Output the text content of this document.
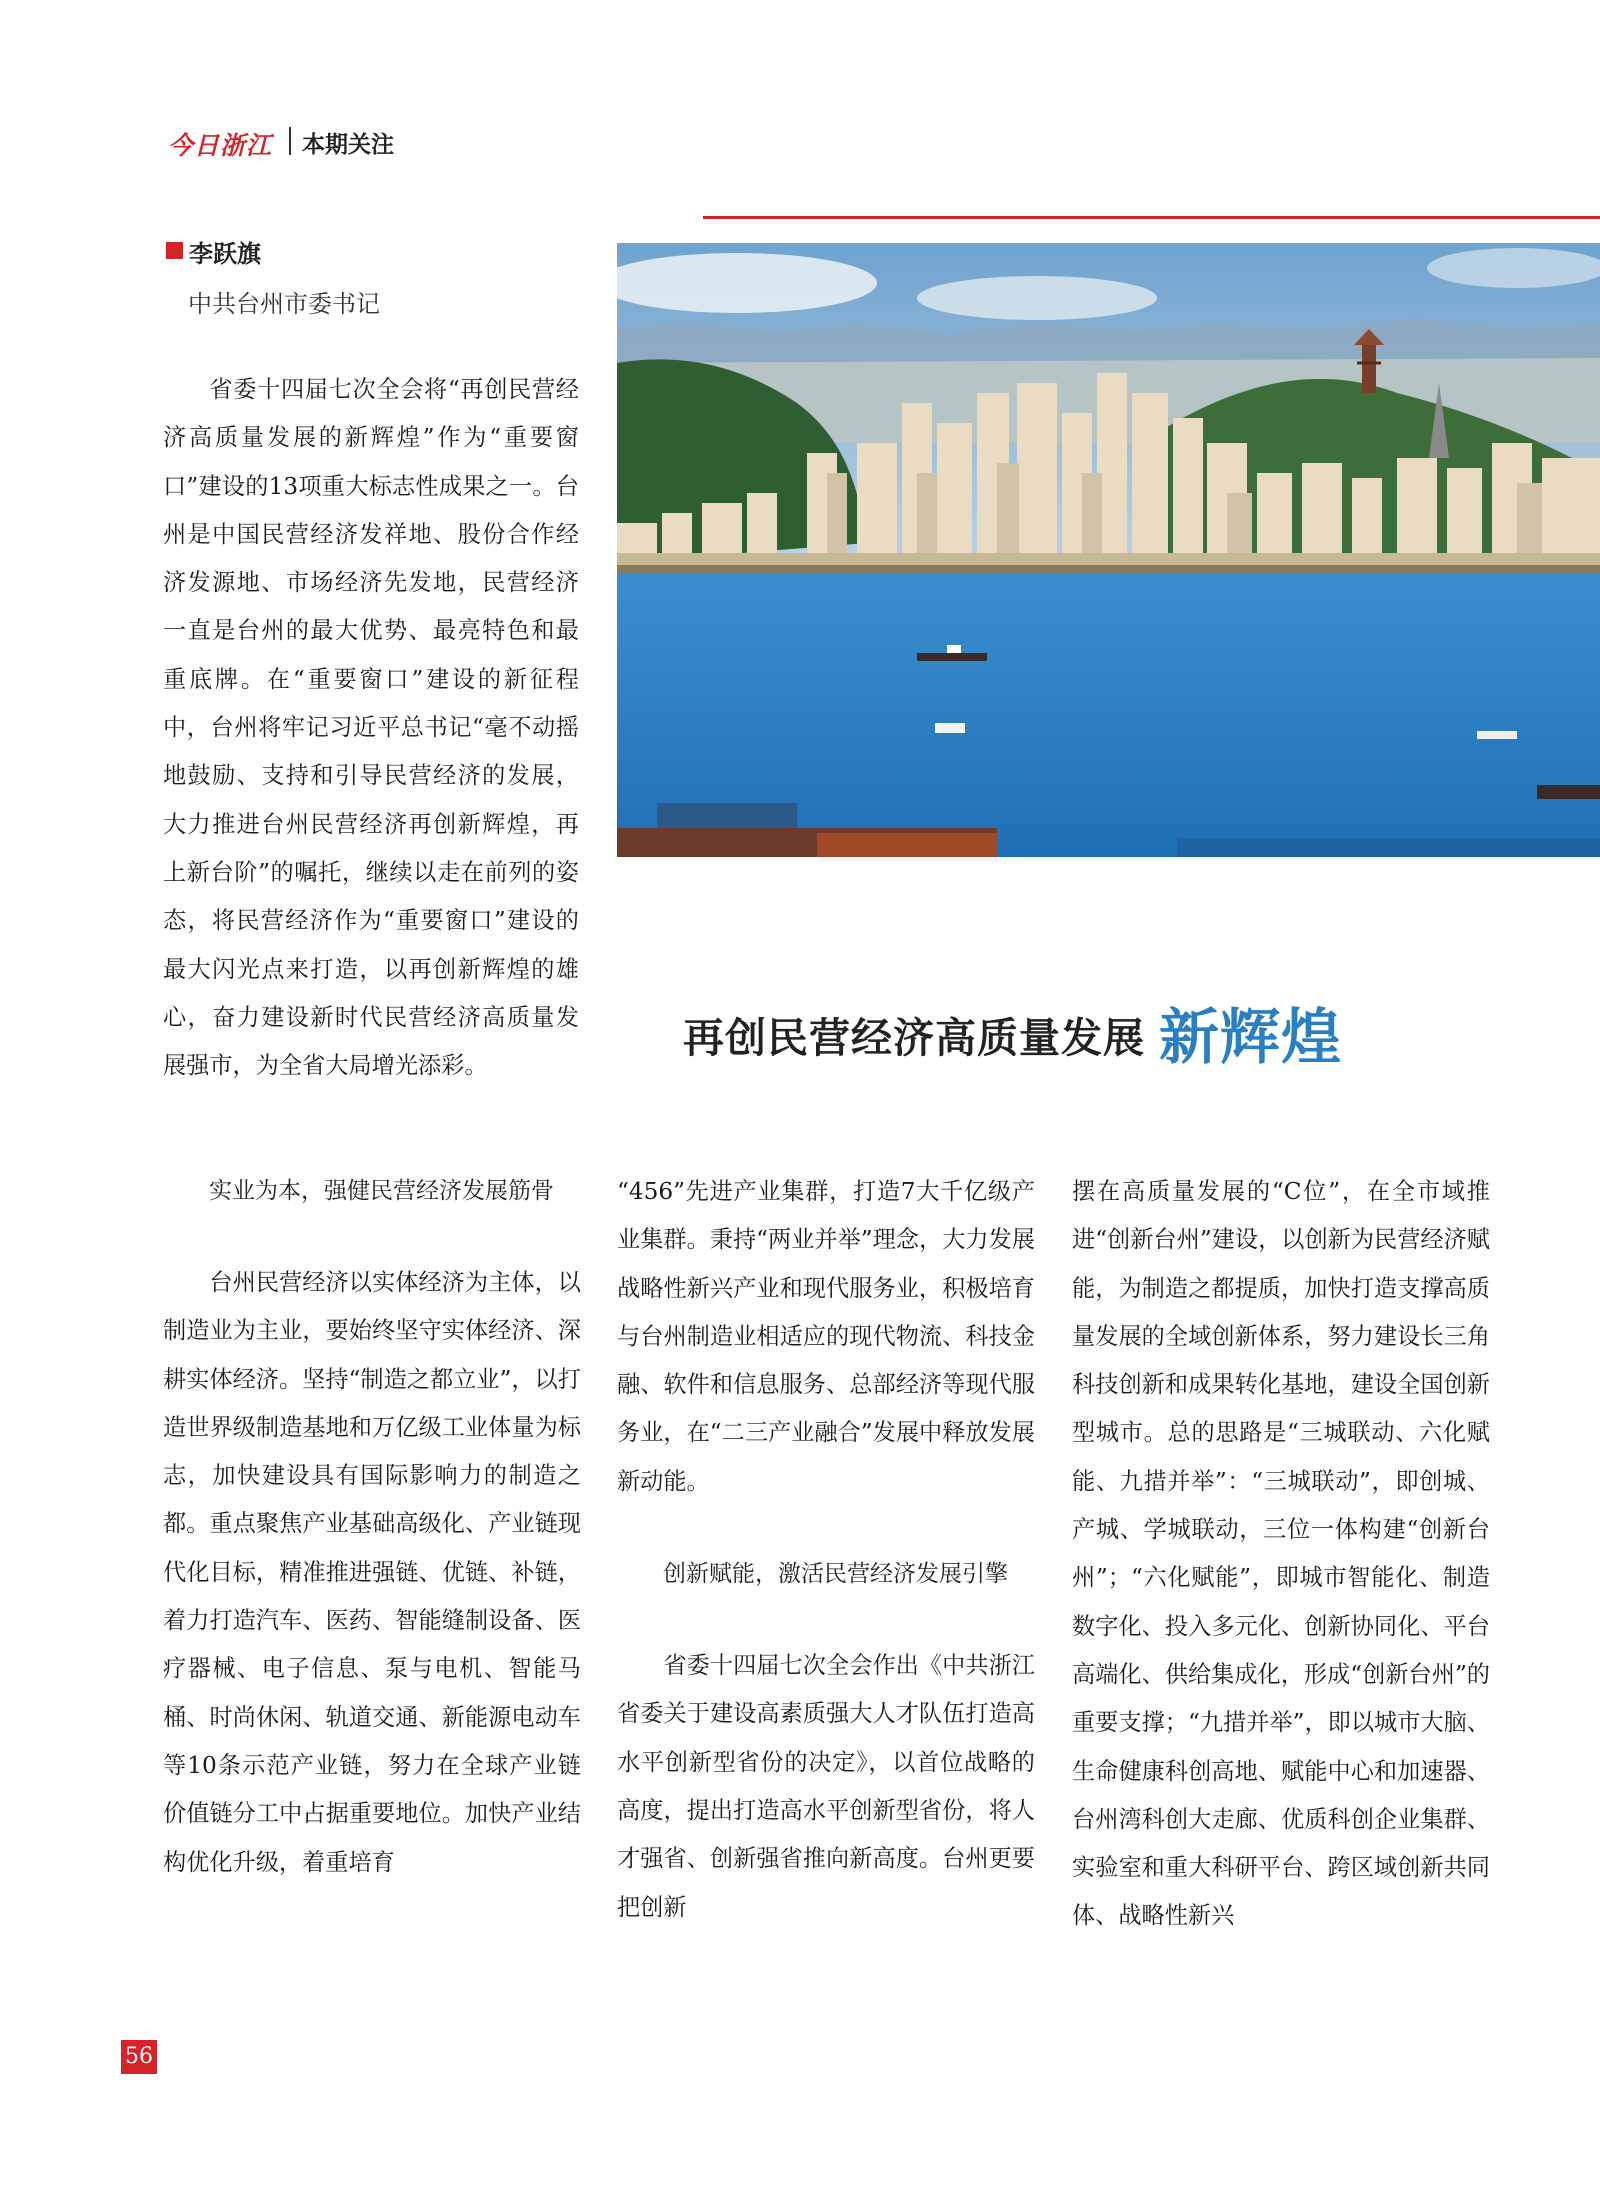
今日浙江 本期关注
李跃旗
中共台州市委书记

省委十四届七次全会将“再创民营经济高质量发展的新辉煌”作为“重要窗口”建设的13项重大标志性成果之一。台州是中国民营经济发祥地、股份合作经济发源地、市场经济先发地，民营经济一直是台州的最大优势、最亮特色和最重底牌。在“重要窗口”建设的新征程中，台州将牢记习近平总书记“毫不动摇地鼓励、支持和引导民营经济的发展，大力推进台州民营经济再创新辉煌，再上新台阶”的嘱托，继续以走在前列的姿态，将民营经济作为“重要窗口”建设的最大闪光点来打造，以再创新辉煌的雄心，奋力建设新时代民营经济高质量发展强市，为全省大局增光添彩。

再创民营经济高质量发展 新辉煌

实业为本，强健民营经济发展筋骨

台州民营经济以实体经济为主体，以制造业为主业，要始终坚守实体经济、深耕实体经济。坚持“制造之都立业”，以打造世界级制造基地和万亿级工业体量为标志，加快建设具有国际影响力的制造之都。重点聚焦产业基础高级化、产业链现代化目标，精准推进强链、优链、补链，着力打造汽车、医药、智能缝制设备、医疗器械、电子信息、泵与电机、智能马桶、时尚休闲、轨道交通、新能源电动车等10条示范产业链，努力在全球产业链价值链分工中占据重要地位。加快产业结构优化升级，着重培育

“456”先进产业集群，打造7大千亿级产业集群。秉持“两业并举”理念，大力发展战略性新兴产业和现代服务业，积极培育与台州制造业相适应的现代物流、科技金融、软件和信息服务、总部经济等现代服务业，在“二三产业融合”发展中释放发展新动能。

创新赋能，激活民营经济发展引擎

省委十四届七次全会作出《中共浙江省委关于建设高素质强大人才队伍打造高水平创新型省份的决定》，以首位战略的高度，提出打造高水平创新型省份，将人才强省、创新强省推向新高度。台州更要把创新

摆在高质量发展的“C位”，在全市域推进“创新台州”建设，以创新为民营经济赋能，为制造之都提质，加快打造支撑高质量发展的全域创新体系，努力建设长三角科技创新和成果转化基地，建设全国创新型城市。总的思路是“三城联动、六化赋能、九措并举”：“三城联动”，即创城、产城、学城联动，三位一体构建“创新台州”；“六化赋能”，即城市智能化、制造数字化、投入多元化、创新协同化、平台高端化、供给集成化，形成“创新台州”的重要支撑；“九措并举”，即以城市大脑、生命健康科创高地、赋能中心和加速器、台州湾科创大走廊、优质科创企业集群、实验室和重大科研平台、跨区域创新共同体、战略性新兴

56
